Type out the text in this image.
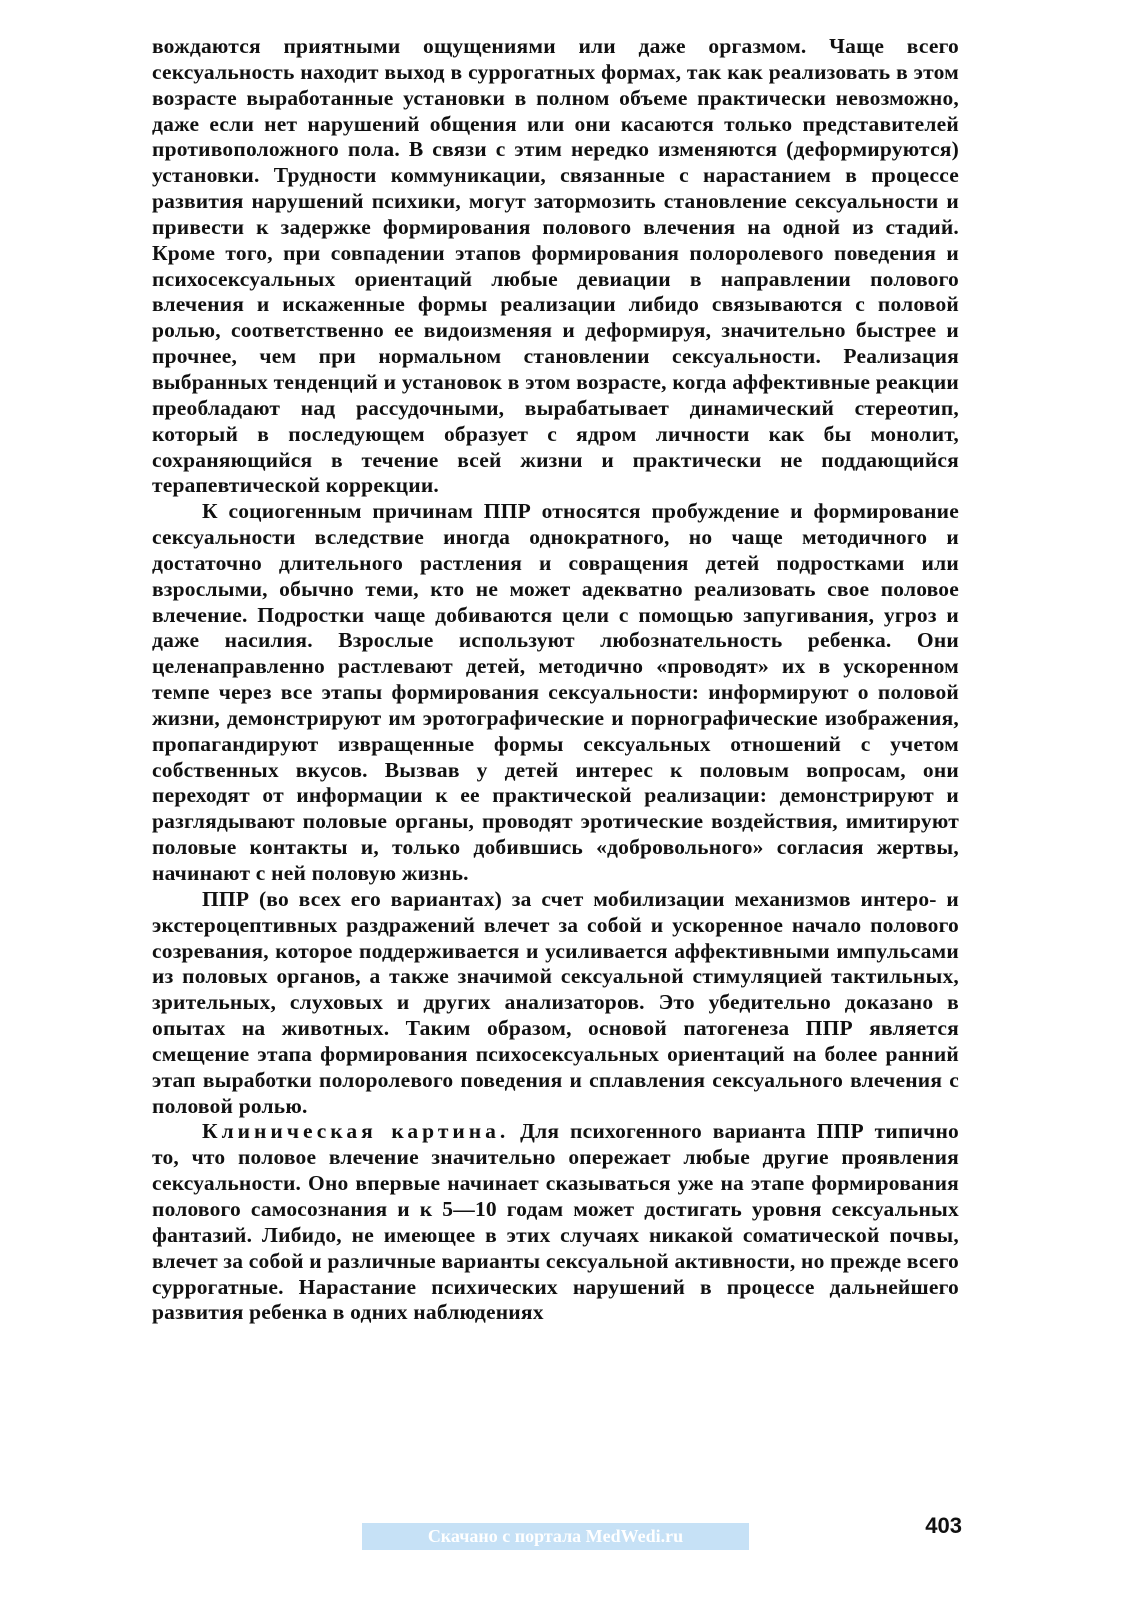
вождаются приятными ощущениями или даже оргазмом. Чаще всего сексуальность находит выход в суррогатных формах, так как реализовать в этом возрасте выработанные установки в полном объеме практически невозможно, даже если нет нарушений общения или они касаются только представителей противоположного пола. В связи с этим нередко изменяются (деформируются) установки. Трудности коммуникации, связанные с нарастанием в процессе развития нарушений психики, могут затормозить становление сексуальности и привести к задержке формирования полового влечения на одной из стадий. Кроме того, при совпадении этапов формирования полоролевого поведения и психосексуальных ориентаций любые девиации в направлении полового влечения и искаженные формы реализации либидо связываются с половой ролью, соответственно ее видоизменяя и деформируя, значительно быстрее и прочнее, чем при нормальном становлении сексуальности. Реализация выбранных тенденций и установок в этом возрасте, когда аффективные реакции преобладают над рассудочными, вырабатывает динамический стереотип, который в последующем образует с ядром личности как бы монолит, сохраняющийся в течение всей жизни и практически не поддающийся терапевтической коррекции.

К социогенным причинам ППР относятся пробуждение и формирование сексуальности вследствие иногда однократного, но чаще методичного и достаточно длительного растления и совращения детей подростками или взрослыми, обычно теми, кто не может адекватно реализовать свое половое влечение. Подростки чаще добиваются цели с помощью запугивания, угроз и даже насилия. Взрослые используют любознательность ребенка. Они целенаправленно растлевают детей, методично «проводят» их в ускоренном темпе через все этапы формирования сексуальности: информируют о половой жизни, демонстрируют им эротографические и порнографические изображения, пропагандируют извращенные формы сексуальных отношений с учетом собственных вкусов. Вызвав у детей интерес к половым вопросам, они переходят от информации к ее практической реализации: демонстрируют и разглядывают половые органы, проводят эротические воздействия, имитируют половые контакты и, только добившись «добровольного» согласия жертвы, начинают с ней половую жизнь.

ППР (во всех его вариантах) за счет мобилизации механизмов интеро- и экстероцептивных раздражений влечет за собой и ускоренное начало полового созревания, которое поддерживается и усиливается аффективными импульсами из половых органов, а также значимой сексуальной стимуляцией тактильных, зрительных, слуховых и других анализаторов. Это убедительно доказано в опытах на животных. Таким образом, основой патогенеза ППР является смещение этапа формирования психосексуальных ориентаций на более ранний этап выработки полоролевого поведения и сплавления сексуального влечения с половой ролью.

Клиническая картина. Для психогенного варианта ППР типично то, что половое влечение значительно опережает любые другие проявления сексуальности. Оно впервые начинает сказываться уже на этапе формирования полового самосознания и к 5—10 годам может достигать уровня сексуальных фантазий. Либидо, не имеющее в этих случаях никакой соматической почвы, влечет за собой и различные варианты сексуальной активности, но прежде всего суррогатные. Нарастание психических нарушений в процессе дальнейшего развития ребенка в одних наблюдениях

Скачано с портала MedWedi.ru	403
